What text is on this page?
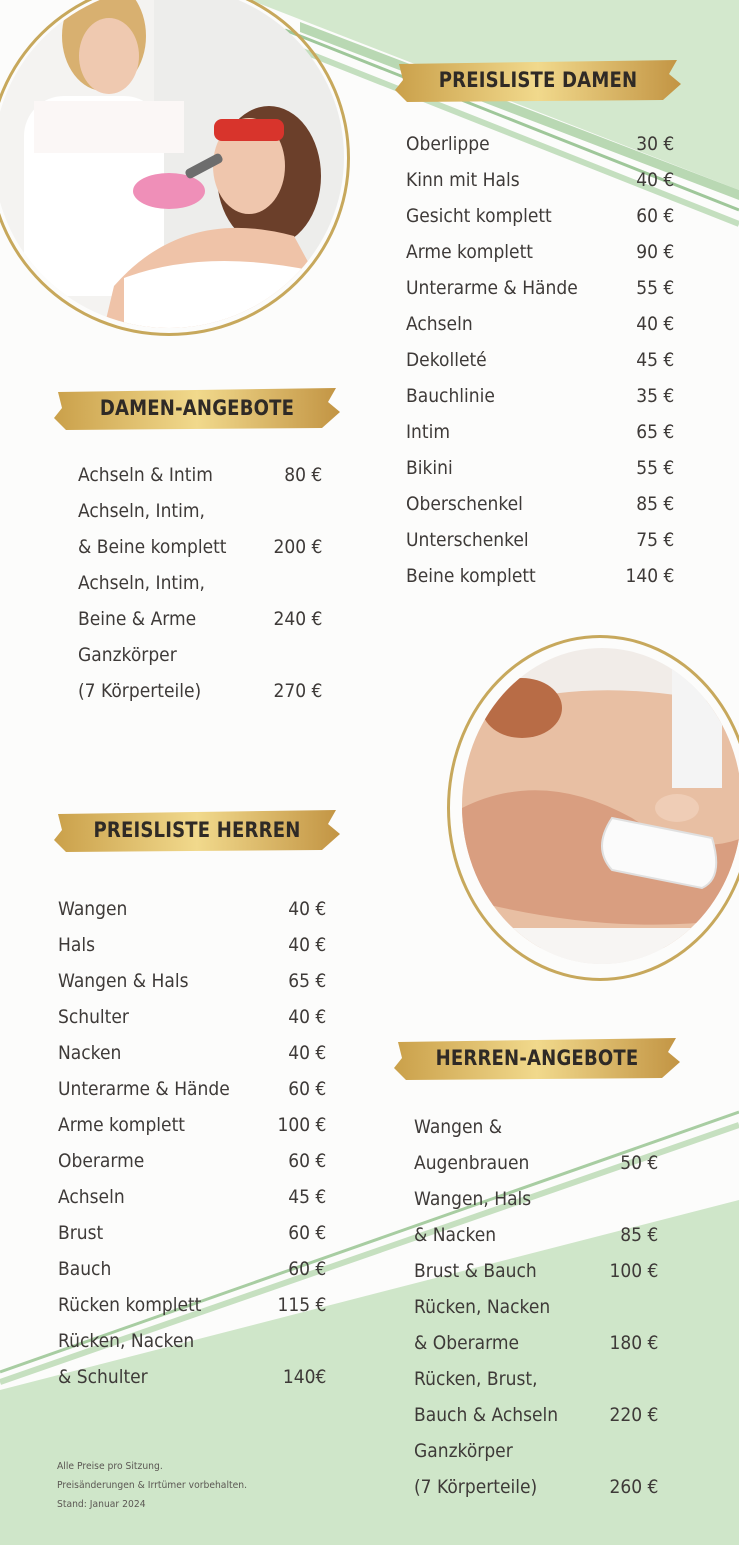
PREISLISTE DAMEN
Oberlippe	30 €
Kinn mit Hals	40 €
Gesicht komplett	60 €
Arme komplett	90 €
Unterarme & Hände	55 €
Achseln	40 €
Dekolleté	45 €
Bauchlinie	35 €
Intim	65 €
Bikini	55 €
Oberschenkel	85 €
Unterschenkel	75 €
Beine komplett	140 €
DAMEN-ANGEBOTE
Achseln & Intim	80 €
Achseln, Intim,
& Beine komplett 200 €
Achseln, Intim,
Beine & Arme	240 €
Ganzkörper
(7 Körperteile)	270 €
PREISLISTE HERREN
Wangen	40 €
Hals	40 €
Wangen & Hals	65 €
Schulter	40 €
Nacken	40 €
Unterarme & Hände	60 €
Arme komplett	100 €
Oberarme	60 €
Achseln	45 €
Brust	60 €
Bauch	60 €
Rücken komplett	115 €
Rücken, Nacken
& Schulter	140€
HERREN-ANGEBOTE
Wangen &
Augenbrauen	50 €
Wangen, Hals
& Nacken	85 €
Brust & Bauch	100 €
Rücken, Nacken
& Oberarme	180 €
Rücken, Brust,
Bauch & Achseln	220 €
Ganzkörper
(7 Körperteile)	260 €
Alle Preise pro Sitzung.
Preisänderungen & Irrtümer vorbehalten.
Stand: Januar 2024
